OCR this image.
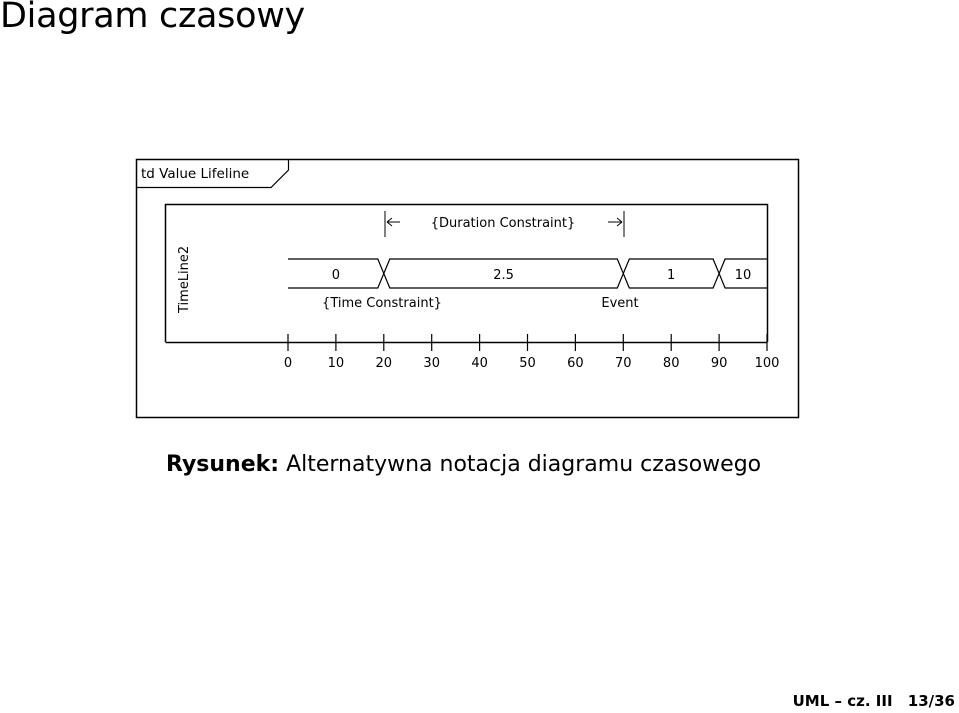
Diagram czasowy
td Value Lifeline
TimeLine2
{Duration Constraint}
0	2.5	1	10
{Time Constraint}	Event
0	10 20 30 40 50 60 70 80 90 100
Rysunek: Alternatywna notacja diagramu czasowego
UML – cz. III 13/36
